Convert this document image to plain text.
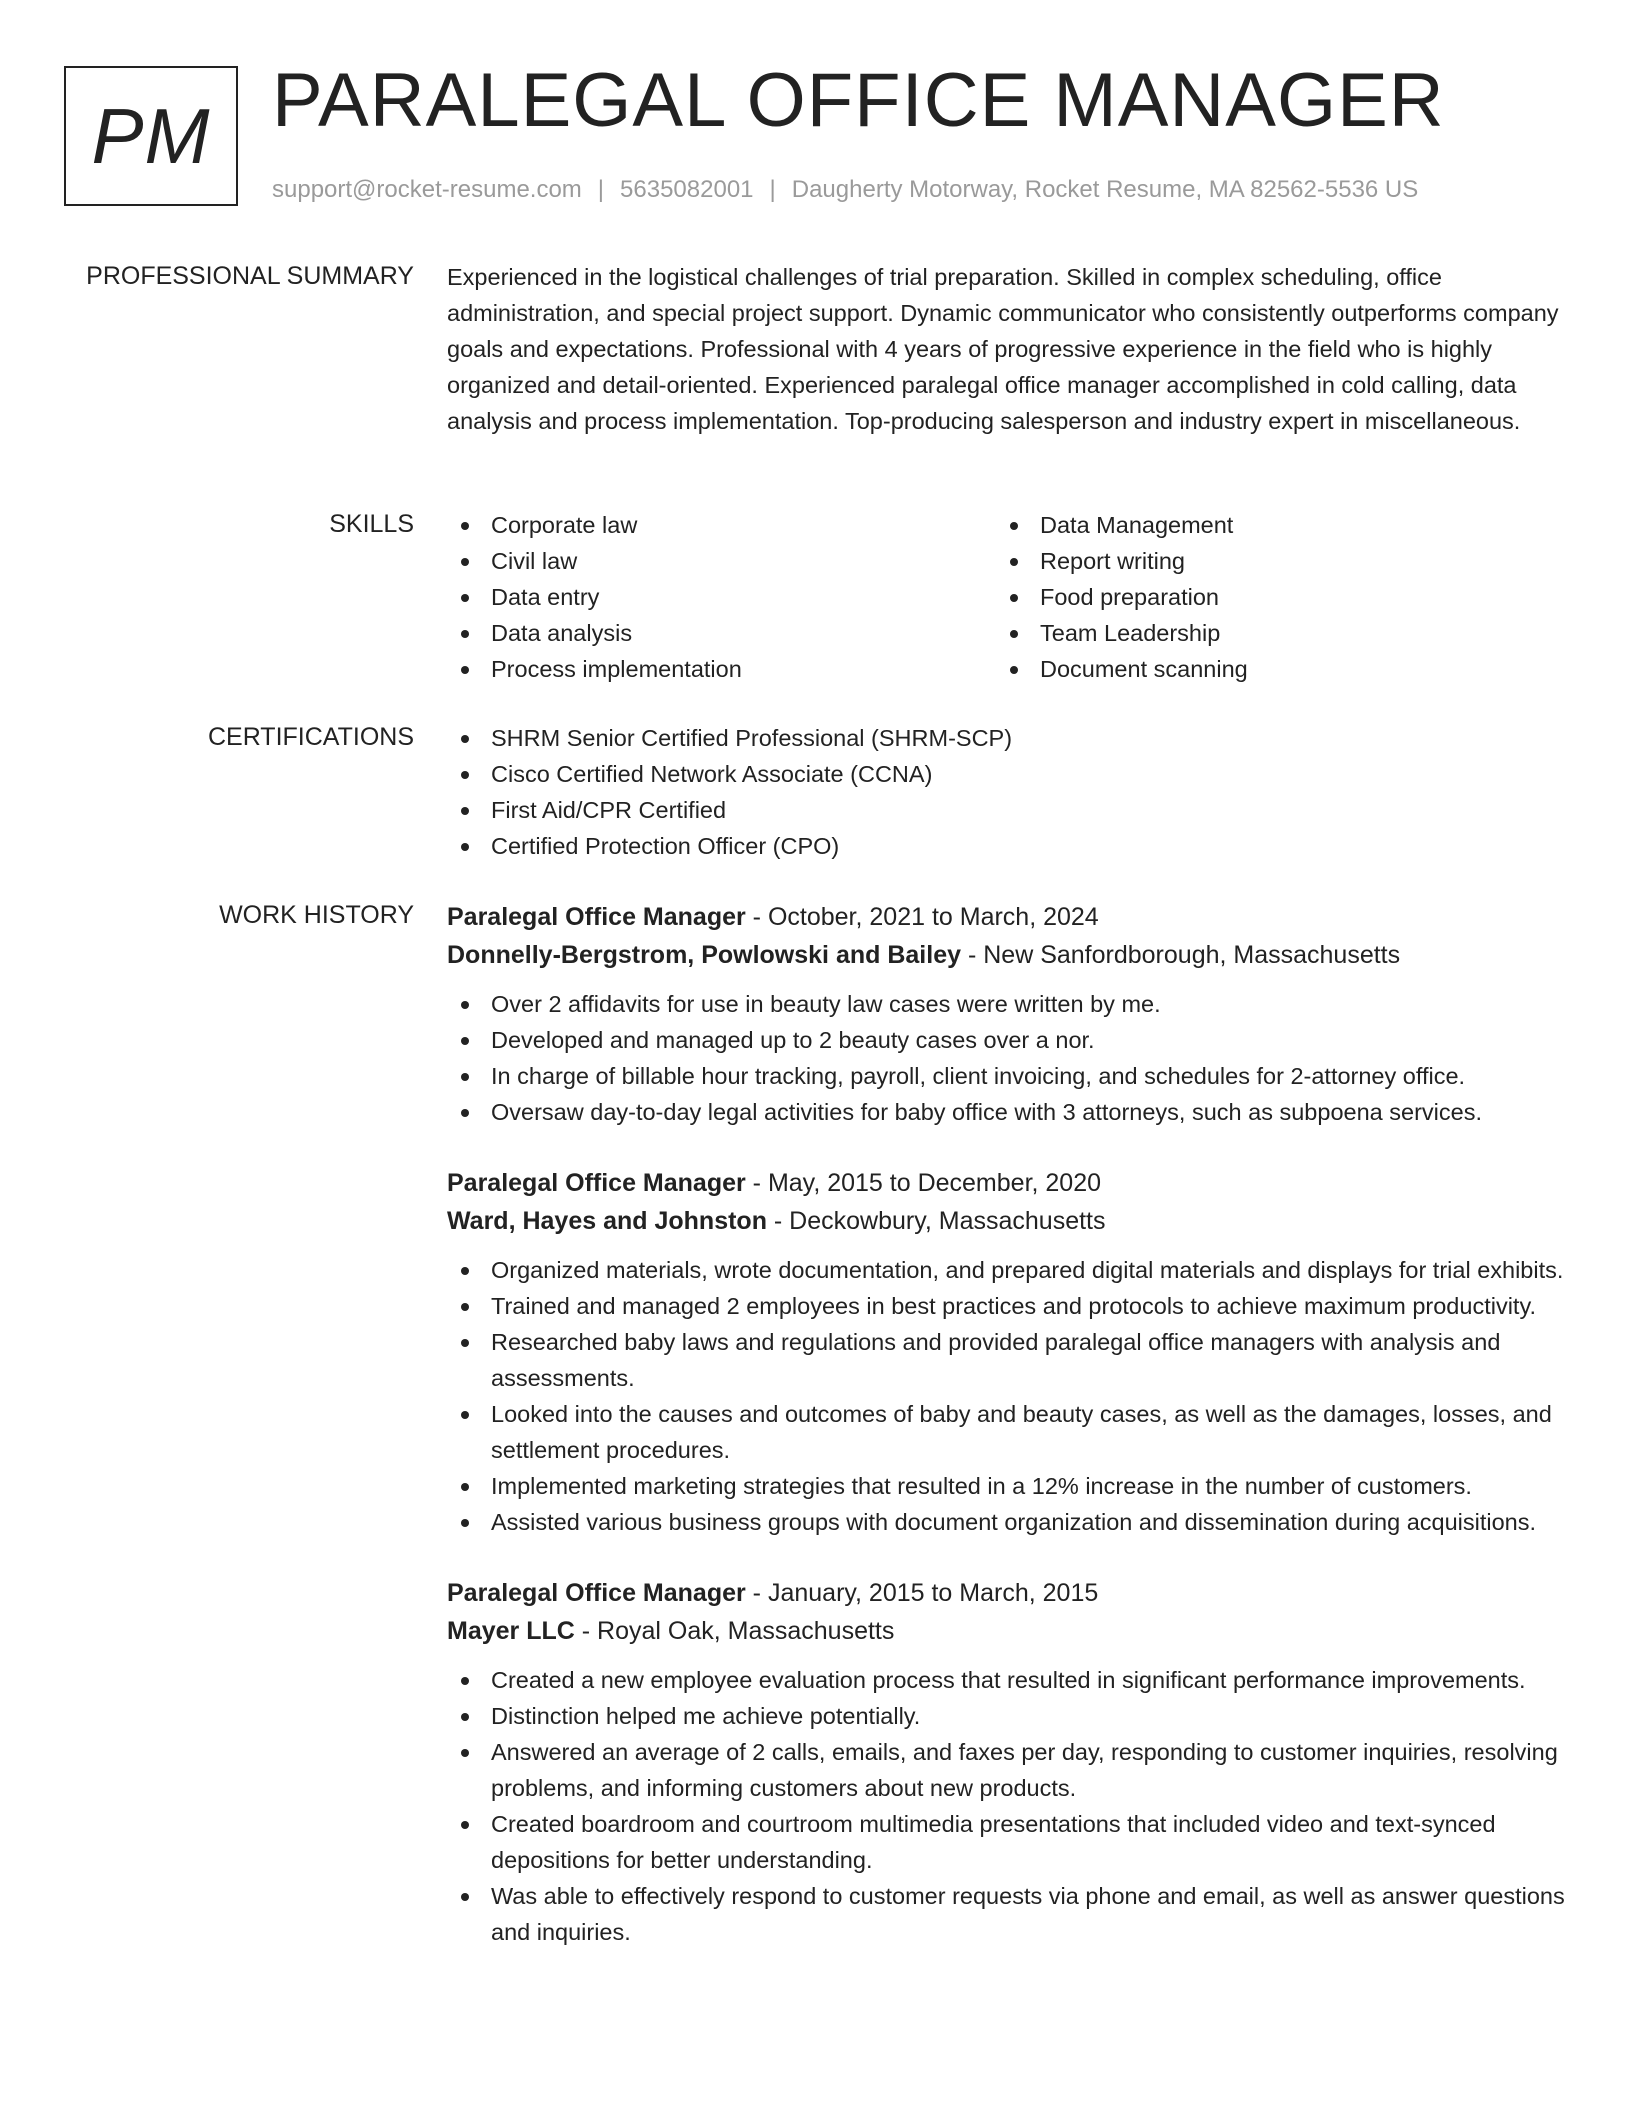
PM PARALEGAL OFFICE MANAGER
support@rocket-resume.com | 5635082001 | Daugherty Motorway, Rocket Resume, MA 82562-5536 US
PROFESSIONAL SUMMARY Experienced in the logistical challenges of trial preparation. Skilled in complex scheduling, office administration, and special project support. Dynamic communicator who consistently outperforms company goals and expectations. Professional with 4 years of progressive experience in the field who is highly organized and detail-oriented. Experienced paralegal office manager accomplished in cold calling, data analysis and process implementation. Top-producing salesperson and industry expert in miscellaneous.

SKILLS	Corporate law
Civil law
Data entry
Data analysis
Process implementation
Data Management
Report writing
Food preparation
Team Leadership
Document scanning
CERTIFICATIONS	SHRM Senior Certified Professional (SHRM-SCP)
Cisco Certified Network Associate (CCNA)
First Aid/CPR Certified
Certified Protection Officer (CPO)
WORK HISTORY Paralegal Office Manager - October, 2021 to March, 2024
Donnelly-Bergstrom, Powlowski and Bailey - New Sanfordborough, Massachusetts
Over 2 affidavits for use in beauty law cases were written by me.
Developed and managed up to 2 beauty cases over a nor.
In charge of billable hour tracking, payroll, client invoicing, and schedules for 2-attorney office.
Oversaw day-to-day legal activities for baby office with 3 attorneys, such as subpoena services.
Paralegal Office Manager - May, 2015 to December, 2020
Ward, Hayes and Johnston - Deckowbury, Massachusetts
Organized materials, wrote documentation, and prepared digital materials and displays for trial exhibits.
Trained and managed 2 employees in best practices and protocols to achieve maximum productivity.
Researched baby laws and regulations and provided paralegal office managers with analysis and assessments.
Looked into the causes and outcomes of baby and beauty cases, as well as the damages, losses, and settlement procedures.
Implemented marketing strategies that resulted in a 12% increase in the number of customers.
Assisted various business groups with document organization and dissemination during acquisitions.
Paralegal Office Manager - January, 2015 to March, 2015
Mayer LLC - Royal Oak, Massachusetts
Created a new employee evaluation process that resulted in significant performance improvements.
Distinction helped me achieve potentially.
Answered an average of 2 calls, emails, and faxes per day, responding to customer inquiries, resolving problems, and informing customers about new products.
Created boardroom and courtroom multimedia presentations that included video and text-synced depositions for better understanding.
Was able to effectively respond to customer requests via phone and email, as well as answer questions and inquiries.
